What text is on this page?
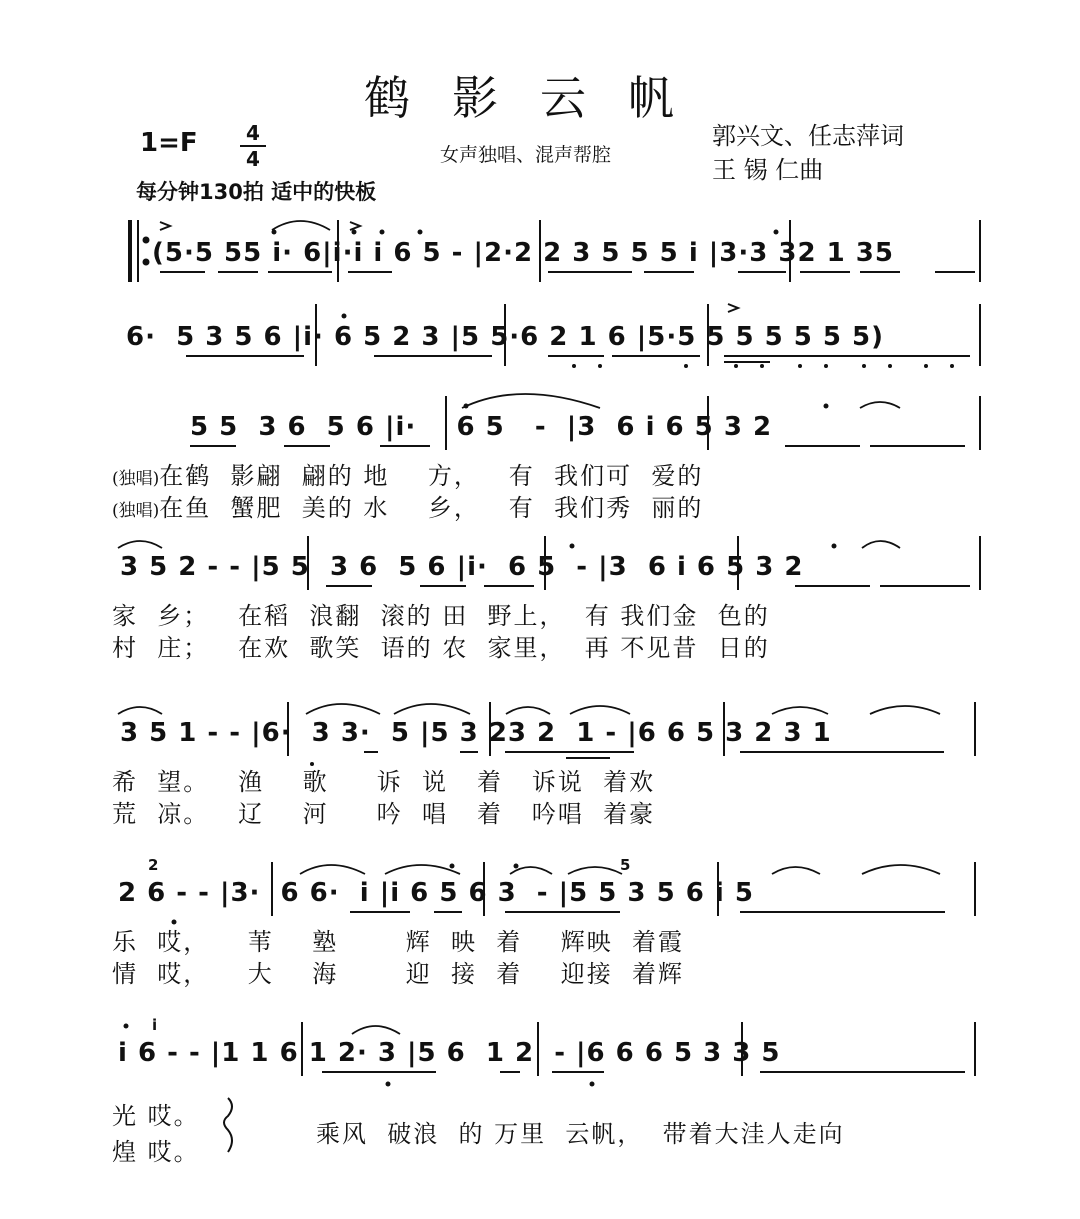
鹤影云帆
1=F	4
4	女声独唱、混声帮腔
郭兴文、任志萍词
王 锡 仁曲
每分钟130拍 适中的快板
(5·5 55 i· 6|i·i i 6 5 - |2·2 2 3 5 5 5 i |3·3 32 1 35
6·  5 3 5 6 |i· 6 5 2 3 |5 5·6 2 1 6 |5·5 5 5 5 5 5 5)
5 5  3 6  5 6 |i·    6 5   -  |3  6 i 6 5 3 2
(独唱)在鹤  影翩  翩的 地    方，   有  我们可  爱的
(独唱)在鱼  蟹肥  美的 水    乡，   有  我们秀  丽的
3 5 2 - - |5 5  3 6  5 6 |i·  6 5  - |3  6 i 6 5 3 2
家  乡；   在稻  浪翻  滚的 田  野上，  有 我们金  色的
村  庄；   在欢  歌笑  语的 农  家里，  再 不见昔  日的
3 5 1 - - |6·  3 3·  5 |5 3 23 2  1 - |6 6 5 3 2 3 1
希  望。   渔    歌     诉  说   着   诉说  着欢
荒  凉。   辽    河     吟  唱   着   吟唱  着豪
2	5
2 6 - - |3·  6 6·  i |i 6 5 6 3  - |5 5 3 5 6 i 5
乐  哎，    苇    塾       辉  映  着    辉映  着霞
情  哎，    大    海       迎  接  着    迎接  着辉
i
i 6 - - |1 1 6 1 2· 3 |5 6  1 2  - |6 6 6 5 3 3 5
光 哎。
煌 哎。
乘风  破浪  的 万里  云帆，  带着大洼人走向
